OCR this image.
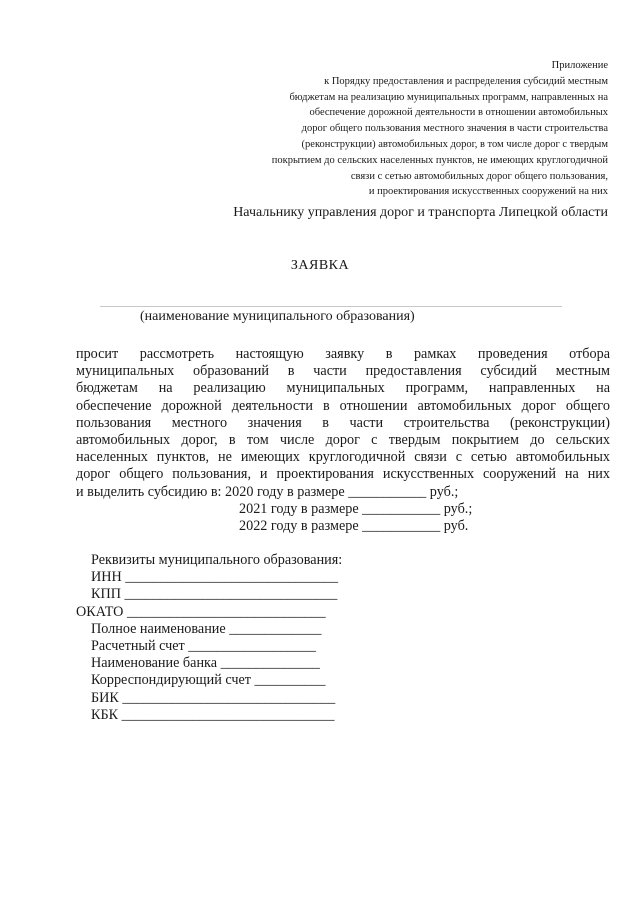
Приложение
к Порядку предоставления и распределения субсидий местным
бюджетам на реализацию муниципальных программ, направленных на
обеспечение дорожной деятельности в отношении автомобильных
дорог общего пользования местного значения в части строительства
(реконструкции) автомобильных дорог, в том числе дорог с твердым
покрытием до сельских населенных пунктов, не имеющих круглогодичной
связи с сетью автомобильных дорог общего пользования,
и проектирования искусственных сооружений на них
Начальнику управления дорог и транспорта Липецкой области
ЗАЯВКА
(наименование муниципального образования)
просит рассмотреть настоящую заявку в рамках проведения отбора
муниципальных образований в части предоставления субсидий местным
бюджетам на реализацию муниципальных программ, направленных на
обеспечение дорожной деятельности в отношении автомобильных дорог общего
пользования местного значения в части строительства (реконструкции)
автомобильных дорог, в том числе дорог с твердым покрытием до сельских
населенных пунктов, не имеющих круглогодичной связи с сетью автомобильных
дорог общего пользования, и проектирования искусственных сооружений на них
и выделить субсидию в: 2020 году в размере ___________ руб.;
2021 году в размере ___________ руб.;
2022 году в размере ___________ руб.
Реквизиты муниципального образования:
ИНН ______________________________
КПП ______________________________
ОКАТО ____________________________
Полное наименование _____________
Расчетный счет __________________
Наименование банка ______________
Корреспондирующий счет __________
БИК ______________________________
КБК ______________________________
